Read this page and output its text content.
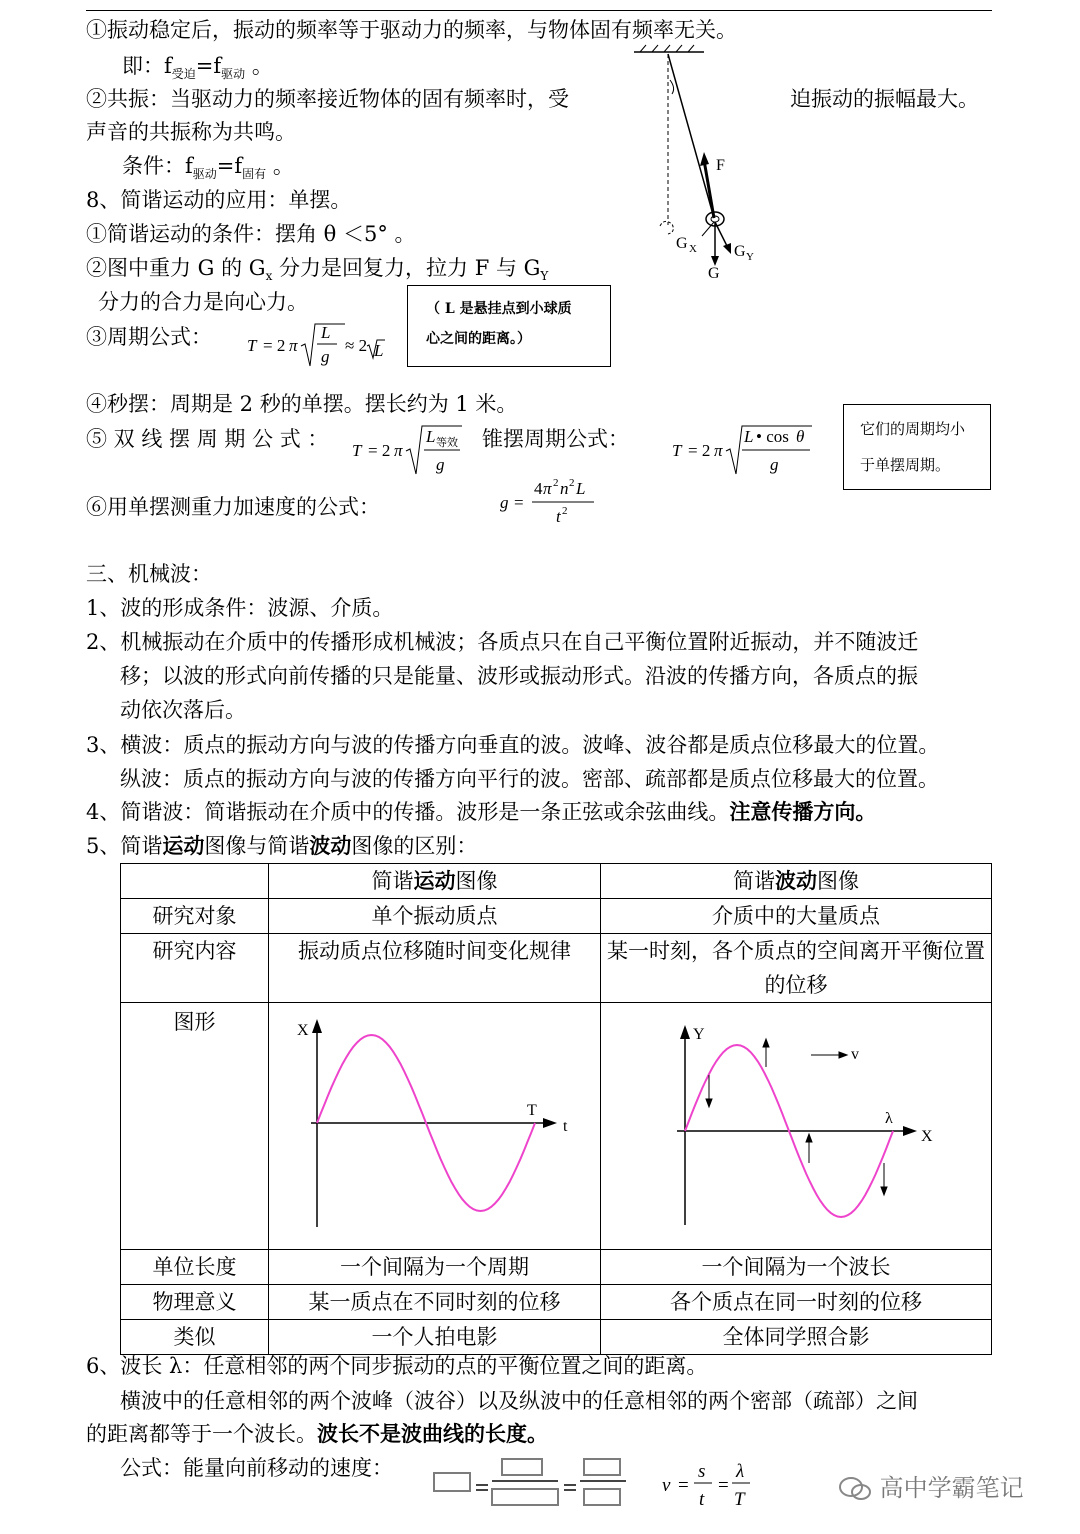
①振动稳定后，振动的频率等于驱动力的频率，与物体固有频率无关。
即：$f_{受迫}=f_{驱动}$ 。
②共振：当驱动力的频率接近物体的固有频率时，受	迫振动的振幅最大。
声音的共振称为共鸣。
条件：$f_{驱动}=f_{固有}$ 。
8、简谐运动的应用：单摆。
①简谐运动的条件：摆角 θ ＜5° 。
②图中重力 G 的 $G_x$ 分力是回复力，拉力 F 与 $G_Y$
分力的合力是向心力。
③周期公式： T = 2 π
L
g
≈ 2 L
（ L 是悬挂点到小球质
心之间的距离。）
F
G
G X G Y
④秒摆：周期是 2 秒的单摆。摆长约为 1 米。
⑤ 双 线 摆 周 期 公 式 ：	锥摆周期公式：
T = 2 π
L 等效
g
T = 2 π
L • cos θ
g
它们的周期均小
于单摆周期。
⑥用单摆测重力加速度的公式：	g =
4 π 2 n 2 L
t 2
三、机械波：
1、波的形成条件：波源、介质。
2、机械振动在介质中的传播形成机械波；各质点只在自己平衡位置附近振动，并不随波迁
移；以波的形式向前传播的只是能量、波形或振动形式。沿波的传播方向，各质点的振
动依次落后。
3、横波：质点的振动方向与波的传播方向垂直的波。波峰、波谷都是质点位移最大的位置。
纵波：质点的振动方向与波的传播方向平行的波。密部、疏部都是质点位移最大的位置。
4、简谐波：简谐振动在介质中的传播。波形是一条正弦或余弦曲线。注意传播方向。
5、简谐运动图像与简谐波动图像的区别：
	简谐运动图像	简谐波动图像
研究对象	单个振动质点	介质中的大量质点
研究内容	振动质点位移随时间变化规律	某一时刻，各个质点的空间离开平衡位置的位移
图形	X
t
T	Y
X
λ
v

单位长度	一个间隔为一个周期	一个间隔为一个波长
物理意义	某一质点在不同时刻的位移	各个质点在同一时刻的位移
类似	一个人拍电影	全体同学照合影
6、波长 λ：任意相邻的两个同步振动的点的平衡位置之间的距离。
横波中的任意相邻的两个波峰（波谷）以及纵波中的任意相邻的两个密部（疏部）之间
的距离都等于一个波长。波长不是波曲线的长度。
公式：能量向前移动的速度：
v =
s
t
=
λ
T	高中学霸笔记
